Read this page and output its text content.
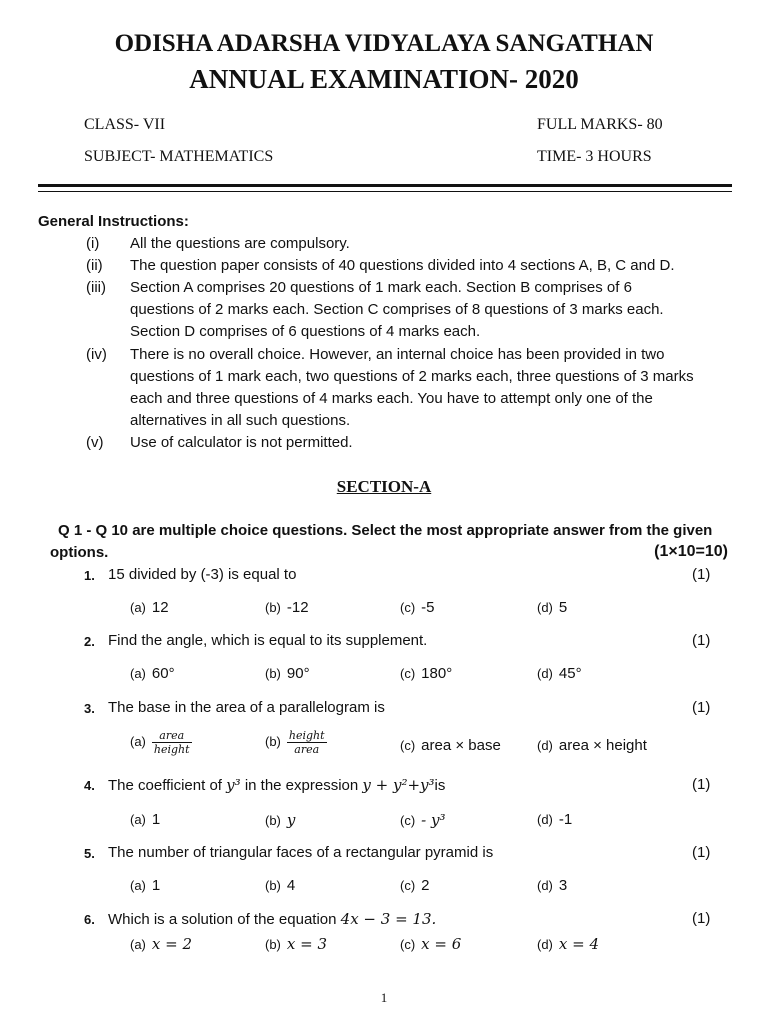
ODISHA ADARSHA VIDYALAYA SANGATHAN
ANNUAL EXAMINATION- 2020
CLASS- VII	FULL MARKS- 80
SUBJECT- MATHEMATICS	TIME- 3 HOURS
General Instructions:
(i)	All the questions are compulsory.
(ii)	The question paper consists of 40 questions divided into 4 sections A, B, C and D.
(iii)	Section A comprises 20 questions of 1 mark each. Section B comprises of 6 questions of 2 marks each. Section C comprises of 8 questions of 3 marks each. Section D comprises of 6 questions of 4 marks each.
(iv)	There is no overall choice. However, an internal choice has been provided in two questions of 1 mark each, two questions of 2 marks each, three questions of 3 marks each and three questions of 4 marks each. You have to attempt only one of the alternatives in all such questions.
(v)	Use of calculator is not permitted.
SECTION-A
Q 1 - Q 10 are multiple choice questions. Select the most appropriate answer from the given
options.	(1×10=10)
1. 15 divided by (-3) is equal to	(1)
(a) 12	(b) -12	(c) -5	(d) 5
2. Find the angle, which is equal to its supplement.	(1)
(a) 60°	(b) 90°	(c) 180°	(d) 45°
3. The base in the area of a parallelogram is	(1)
$(a) \frac{\text{area}}{\text{height}}$	$(b) \frac{\text{height}}{\text{area}}$	(c) area × base	(d) area × height
4. The coefficient of y³ in the expression y + y²+y³is	(1)
(a) 1	(b) y	(c) - y³	(d) -1
5. The number of triangular faces of a rectangular pyramid is	(1)
(a) 1	(b) 4	(c) 2	(d) 3
6. Which is a solution of the equation 4x − 3 = 13.	(1)
(a) x = 2	(b) x = 3	(c) x = 6	(d) x = 4
1
